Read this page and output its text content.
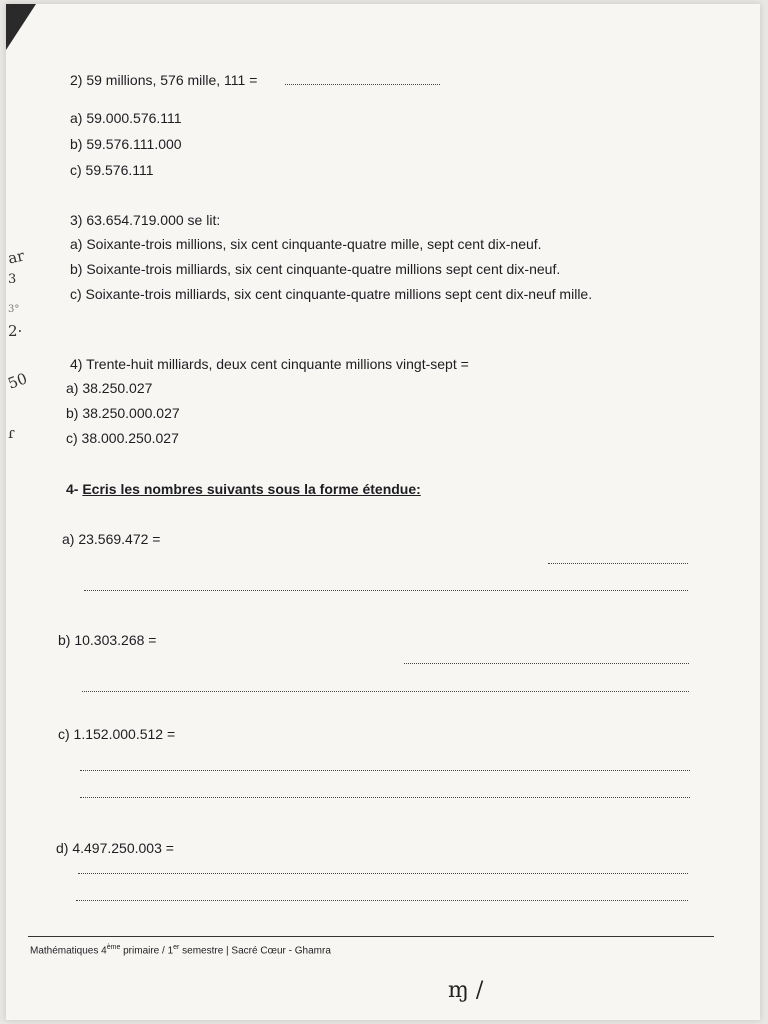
2) 59 millions, 576 mille, 111 =
a) 59.000.576.111
b) 59.576.111.000
c) 59.576.111
3) 63.654.719.000 se lit:
a) Soixante-trois millions, six cent cinquante-quatre mille, sept cent dix-neuf.
b) Soixante-trois milliards, six cent cinquante-quatre millions sept cent dix-neuf.
c) Soixante-trois milliards, six cent cinquante-quatre millions sept cent dix-neuf mille.
4) Trente-huit milliards, deux cent cinquante millions vingt-sept =
a) 38.250.027
b) 38.250.000.027
c) 38.000.250.027
4- Ecris les nombres suivants sous la forme étendue:
a) 23.569.472 =
b) 10.303.268 =
c) 1.152.000.512 =
d) 4.497.250.003 =
Mathématiques 4ème primaire / 1er semestre | Sacré Cœur - Ghamra
ar
3
3°
2·
50
ɾ
ɱ /
